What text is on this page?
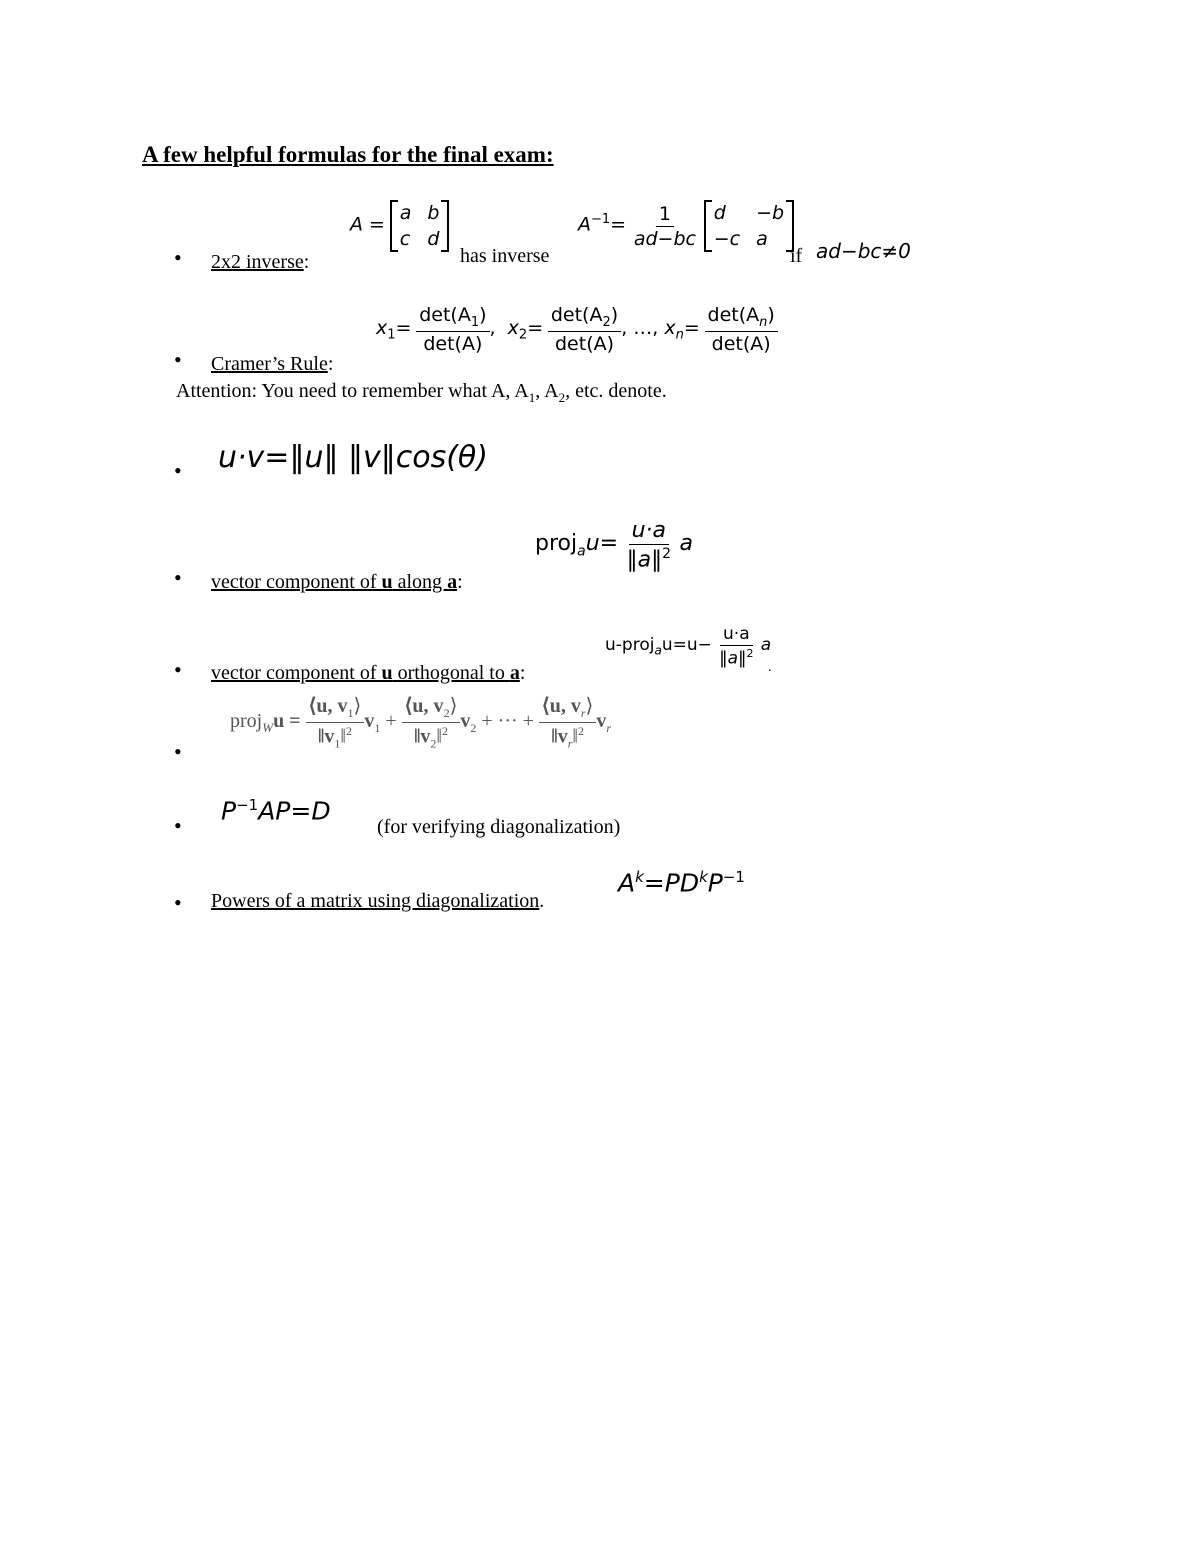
A few helpful formulas for the final exam:
• 2x2 inverse:
A =
a b
c d
has inverse
$A^{-1}= \frac{1}{ad-bc}$
d	−b
−c a
if ad−bc≠0
• Cramer’s Rule:
$x_1= \frac{\det(A_1)}{\det(A)}$ ,  $x_2= \frac{\det(A_2)}{\det(A)}$ , …, $x_n= \frac{\det(A_n)}{\det(A)}$
Attention: You need to remember what A, $A_1$, $A_2$, etc. denote.
• u·v=‖u‖ ‖v‖cos(θ)
• vector component of u along a:
proj$_a$u= $\frac{u\cdot a}{‖a‖^2}$ a
• vector component of u orthogonal to a:
u-proj$_a$u=u− $\frac{u\cdot a}{‖a‖^2}$ a
.
•
proj$_W$u = $\frac{⟨u, v_1⟩}{‖v_1‖^2} v_1 + \frac{⟨u, v_2⟩}{‖v_2‖^2} v_2$ + ··· + $\frac{⟨u, v_r⟩}{‖v_r‖^2} v_r$
•
$P^{-1}AP=D$
(for verifying diagonalization)
• Powers of a matrix using diagonalization.
$A^k=PD^kP^{-1}$
